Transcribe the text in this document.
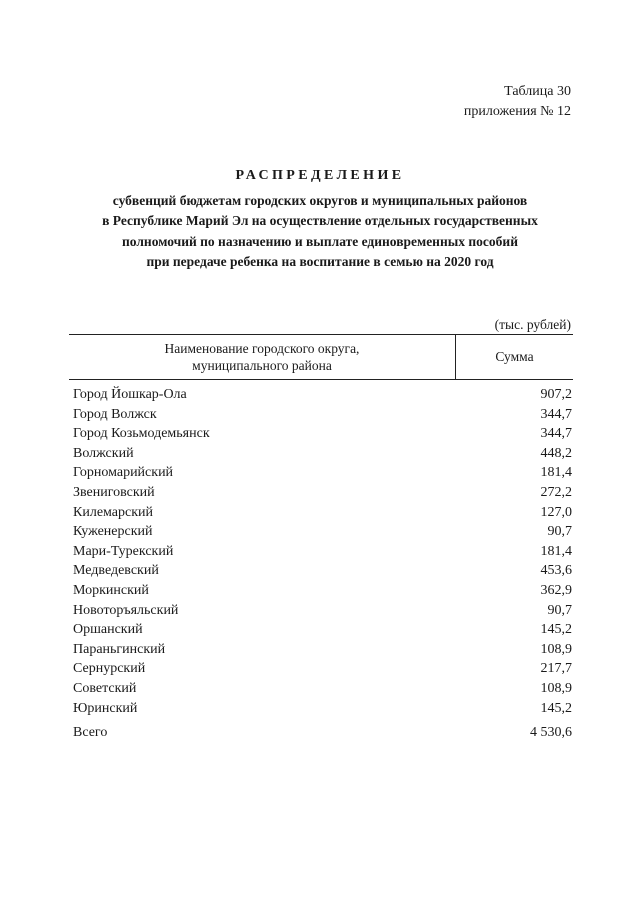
Таблица 30
приложения № 12
РАСПРЕДЕЛЕНИЕ
субвенций бюджетам городских округов и муниципальных районов
в Республике Марий Эл на осуществление отдельных государственных
полномочий по назначению и выплате единовременных пособий
при передаче ребенка на воспитание в семью на 2020 год
(тыс. рублей)
Наименование городского округа,
муниципального района
Сумма
Город Йошкар-Ола	907,2
Город Волжск	344,7
Город Козьмодемьянск	344,7
Волжский	448,2
Горномарийский	181,4
Звениговский	272,2
Килемарский	127,0
Куженерский	90,7
Мари-Турекский	181,4
Медведевский	453,6
Моркинский	362,9
Новоторъяльский	90,7
Оршанский	145,2
Параньгинский	108,9
Сернурский	217,7
Советский	108,9
Юринский	145,2
Всего	4 530,6
